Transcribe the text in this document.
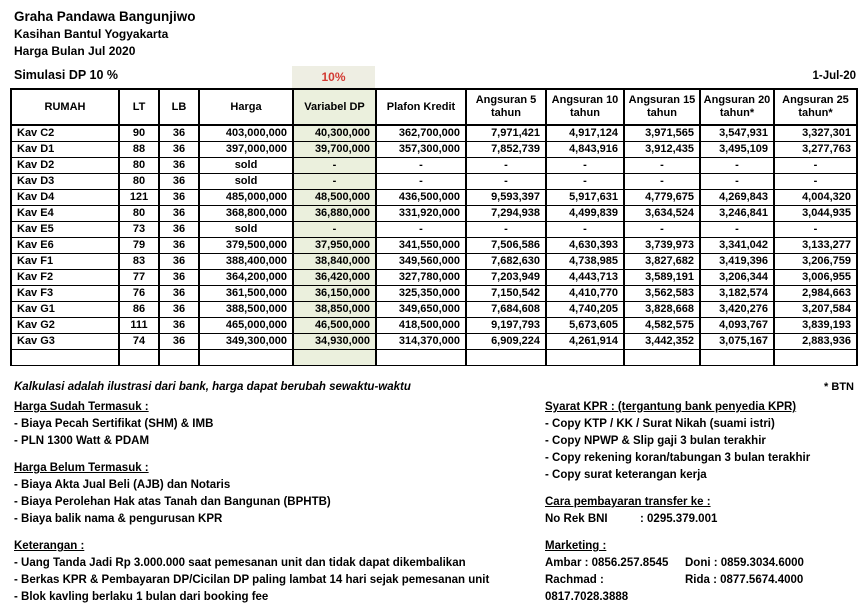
Graha Pandawa Bangunjiwo
Kasihan Bantul Yogyakarta
Harga Bulan Jul 2020
Simulasi DP 10 %	10%	1-Jul-20
RUMAH	LT	LB	Harga	Variabel DP	Plafon Kredit	Angsuran 5 tahun	Angsuran 10 tahun	Angsuran 15 tahun	Angsuran 20 tahun*	Angsuran 25 tahun*
Kav C2	90	36	403,000,000	40,300,000	362,700,000	7,971,421	4,917,124	3,971,565	3,547,931	3,327,301
Kav D1	88	36	397,000,000	39,700,000	357,300,000	7,852,739	4,843,916	3,912,435	3,495,109	3,277,763
Kav D2	80	36	sold	-	-	-	-	-	-	-
Kav D3	80	36	sold	-	-	-	-	-	-	-
Kav D4	121	36	485,000,000	48,500,000	436,500,000	9,593,397	5,917,631	4,779,675	4,269,843	4,004,320
Kav E4	80	36	368,800,000	36,880,000	331,920,000	7,294,938	4,499,839	3,634,524	3,246,841	3,044,935
Kav E5	73	36	sold	-	-	-	-	-	-	-
Kav E6	79	36	379,500,000	37,950,000	341,550,000	7,506,586	4,630,393	3,739,973	3,341,042	3,133,277
Kav F1	83	36	388,400,000	38,840,000	349,560,000	7,682,630	4,738,985	3,827,682	3,419,396	3,206,759
Kav F2	77	36	364,200,000	36,420,000	327,780,000	7,203,949	4,443,713	3,589,191	3,206,344	3,006,955
Kav F3	76	36	361,500,000	36,150,000	325,350,000	7,150,542	4,410,770	3,562,583	3,182,574	2,984,663
Kav G1	86	36	388,500,000	38,850,000	349,650,000	7,684,608	4,740,205	3,828,668	3,420,276	3,207,584
Kav G2	111	36	465,000,000	46,500,000	418,500,000	9,197,793	5,673,605	4,582,575	4,093,767	3,839,193
Kav G3	74	36	349,300,000	34,930,000	314,370,000	6,909,224	4,261,914	3,442,352	3,075,167	2,883,936

Kalkulasi adalah ilustrasi dari bank, harga dapat berubah sewaktu-waktu	* BTN
Harga Sudah Termasuk :
- Biaya Pecah Sertifikat (SHM) & IMB
- PLN 1300 Watt & PDAM
Harga Belum Termasuk :
- Biaya Akta Jual Beli (AJB) dan Notaris
- Biaya Perolehan Hak atas Tanah dan Bangunan (BPHTB)
- Biaya balik nama & pengurusan KPR
Keterangan :
- Uang Tanda Jadi Rp 3.000.000 saat pemesanan unit dan tidak dapat dikembalikan
- Berkas KPR & Pembayaran DP/Cicilan DP paling lambat 14 hari sejak pemesanan unit
- Blok kavling berlaku 1 bulan dari booking fee
Syarat KPR : (tergantung bank penyedia KPR)
- Copy KTP / KK / Surat Nikah (suami istri)
- Copy NPWP & Slip gaji 3 bulan terakhir
- Copy rekening koran/tabungan 3 bulan terakhir
- Copy surat keterangan kerja
Cara pembayaran transfer ke :
No Rek BNI	: 0295.379.001
Marketing :
Ambar : 0856.257.8545	Doni : 0859.3034.6000
Rachmad : 0817.7028.3888
Rida : 0877.5674.4000
